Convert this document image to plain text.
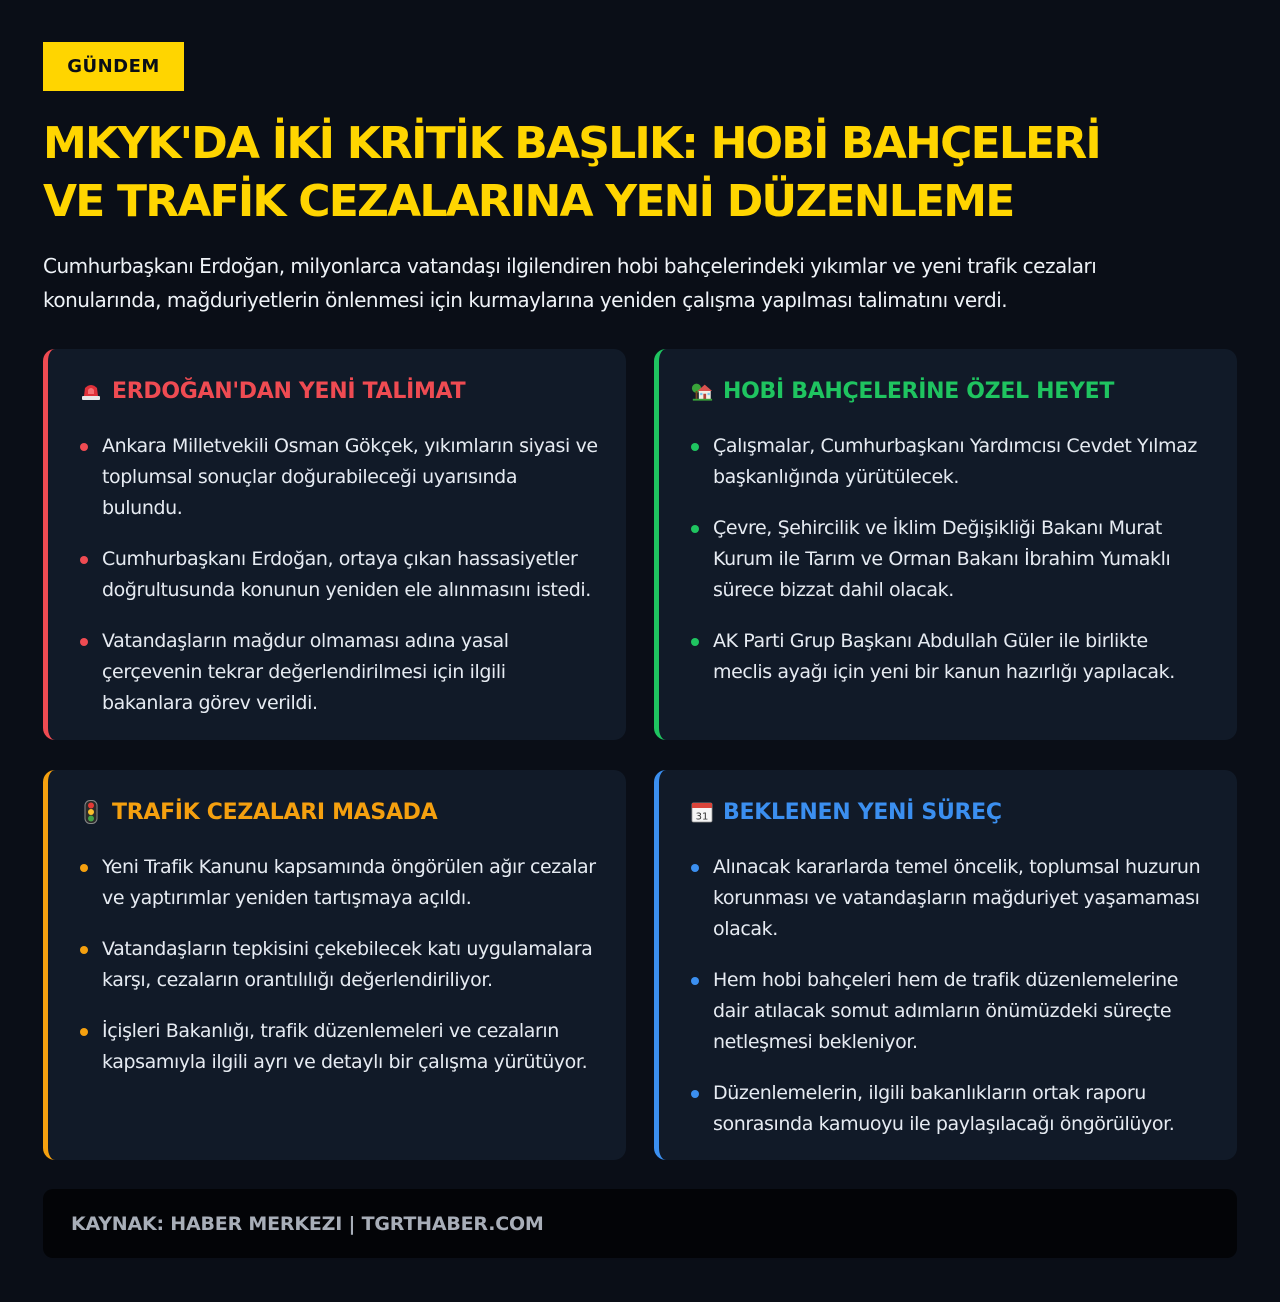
GÜNDEM
MKYK'DA İKİ KRİTİK BAŞLIK: HOBİ BAHÇELERİ VE TRAFİK CEZALARINA YENİ DÜZENLEME

Cumhurbaşkanı Erdoğan, milyonlarca vatandaşı ilgilendiren hobi bahçelerindeki yıkımlar ve yeni trafik cezaları konularında, mağduriyetlerin önlenmesi için kurmaylarına yeniden çalışma yapılması talimatını verdi.

ERDOĞAN'DAN YENİ TALİMAT
Ankara Milletvekili Osman Gökçek, yıkımların siyasi ve toplumsal sonuçlar doğurabileceği uyarısında bulundu.
Cumhurbaşkanı Erdoğan, ortaya çıkan hassasiyetler doğrultusunda konunun yeniden ele alınmasını istedi.
Vatandaşların mağdur olmaması adına yasal çerçevenin tekrar değerlendirilmesi için ilgili bakanlara görev verildi.
HOBİ BAHÇELERİNE ÖZEL HEYET
Çalışmalar, Cumhurbaşkanı Yardımcısı Cevdet Yılmaz başkanlığında yürütülecek.
Çevre, Şehircilik ve İklim Değişikliği Bakanı Murat Kurum ile Tarım ve Orman Bakanı İbrahim Yumaklı sürece bizzat dahil olacak.
AK Parti Grup Başkanı Abdullah Güler ile birlikte meclis ayağı için yeni bir kanun hazırlığı yapılacak.
TRAFİK CEZALARI MASADA
Yeni Trafik Kanunu kapsamında öngörülen ağır cezalar ve yaptırımlar yeniden tartışmaya açıldı.
Vatandaşların tepkisini çekebilecek katı uygulamalara karşı, cezaların orantılılığı değerlendiriliyor.
İçişleri Bakanlığı, trafik düzenlemeleri ve cezaların kapsamıyla ilgili ayrı ve detaylı bir çalışma yürütüyor.
31 BEKLENEN YENİ SÜREÇ
Alınacak kararlarda temel öncelik, toplumsal huzurun korunması ve vatandaşların mağduriyet yaşamaması olacak.
Hem hobi bahçeleri hem de trafik düzenlemelerine dair atılacak somut adımların önümüzdeki süreçte netleşmesi bekleniyor.
Düzenlemelerin, ilgili bakanlıkların ortak raporu sonrasında kamuoyu ile paylaşılacağı öngörülüyor.
KAYNAK: HABER MERKEZI | TGRTHABER.COM
